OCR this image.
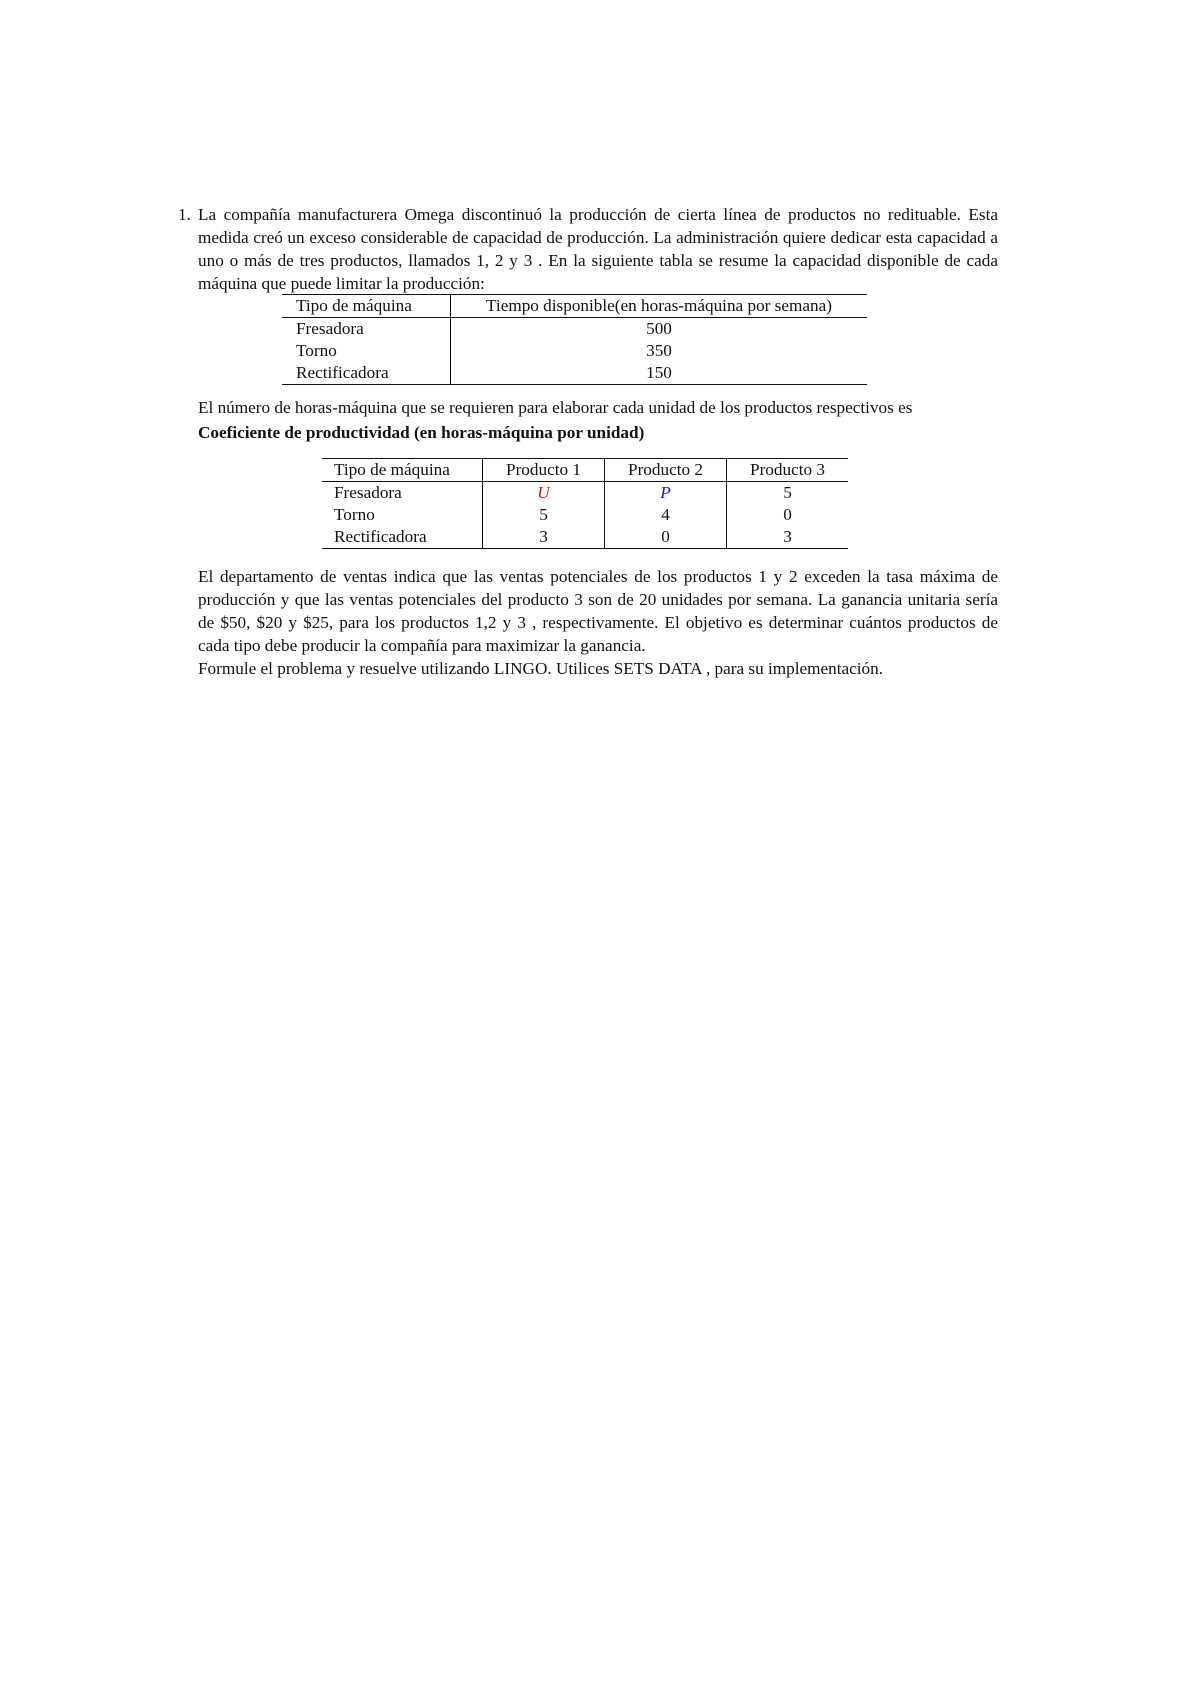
1. La compañía manufacturera Omega discontinuó la producción de cierta línea de productos no redituable. Esta medida creó un exceso considerable de capacidad de producción. La administración quiere dedicar esta capacidad a uno o más de tres productos, llamados 1, 2 y 3 . En la siguiente tabla se resume la capacidad disponible de cada máquina que puede limitar la producción:

Tipo de máquina	Tiempo disponible(en horas-máquina por semana)
Fresadora	500
Torno	350
Rectificadora	150

El número de horas-máquina que se requieren para elaborar cada unidad de los productos respectivos es

Coeficiente de productividad (en horas-máquina por unidad)

Tipo de máquina	Producto 1	Producto 2	Producto 3
Fresadora	U	P	5
Torno	5	4	0
Rectificadora	3	0	3

El departamento de ventas indica que las ventas potenciales de los productos 1 y 2 exceden la tasa máxima de producción y que las ventas potenciales del producto 3 son de 20 unidades por semana. La ganancia unitaria sería de $50, $20 y $25, para los productos 1,2 y 3 , respectivamente. El objetivo es determinar cuántos productos de cada tipo debe producir la compañía para maximizar la ganancia.

Formule el problema y resuelve utilizando LINGO. Utilices SETS DATA , para su implementación.
